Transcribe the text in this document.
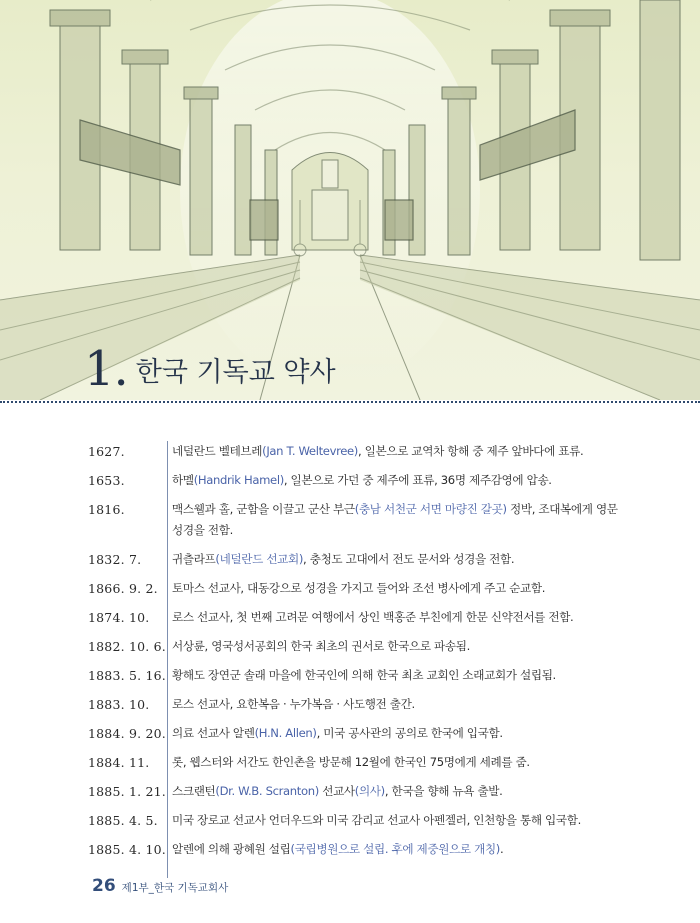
1. 한국 기독교 약사
1627.	네덜란드 벨테브레(Jan T. Weltevree), 일본으로 교역차 항해 중 제주 앞바다에 표류.
1653.	하멜(Handrik Hamel), 일본으로 가던 중 제주에 표류, 36명 제주감영에 압송.
1816.	맥스웰과 홀, 군함을 이끌고 군산 부근(충남 서천군 서면 마량진 갈곳) 정박, 조대복에게 영문 성경을 전함.
1832. 7.	귀츨라프(네덜란드 선교회), 충청도 고대에서 전도 문서와 성경을 전함.
1866. 9. 2.	토마스 선교사, 대동강으로 성경을 가지고 들어와 조선 병사에게 주고 순교함.
1874. 10.	로스 선교사, 첫 번째 고려문 여행에서 상인 백홍준 부친에게 한문 신약전서를 전함.
1882. 10. 6. 서상륜, 영국성서공회의 한국 최초의 권서로 한국으로 파송됨.
1883. 5. 16. 황해도 장연군 솔래 마을에 한국인에 의해 한국 최초 교회인 소래교회가 설립됨.
1883. 10.	로스 선교사, 요한복음 · 누가복음 · 사도행전 출간.
1884. 9. 20. 의료 선교사 알렌(H.N. Allen), 미국 공사관의 공의로 한국에 입국함.
1884. 11.	롯, 웹스터와 서간도 한인촌을 방문해 12월에 한국인 75명에게 세례를 줌.
1885. 1. 21. 스크랜턴(Dr. W.B. Scranton) 선교사(의사), 한국을 향해 뉴욕 출발.
1885. 4. 5.	미국 장로교 선교사 언더우드와 미국 감리교 선교사 아펜젤러, 인천항을 통해 입국함.
1885. 4. 10. 알렌에 의해 광혜원 설립(국립병원으로 설립. 후에 제중원으로 개칭).
26 제1부_한국 기독교회사
